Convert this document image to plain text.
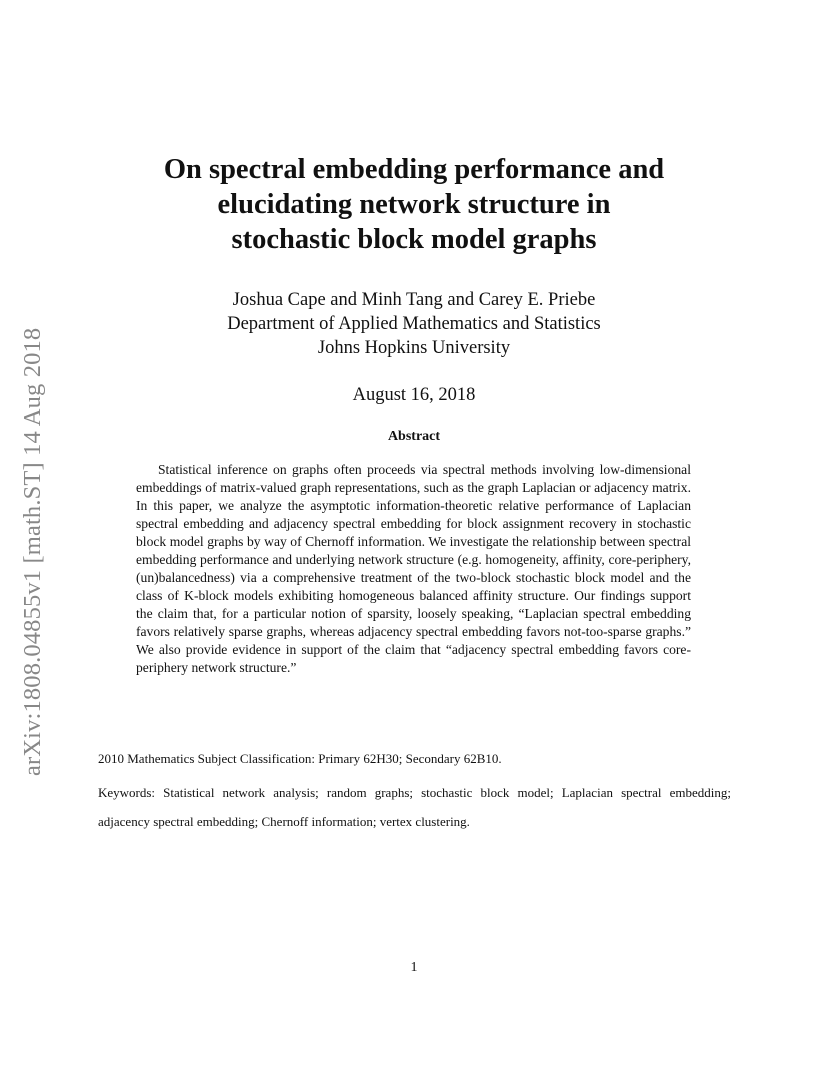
arXiv:1808.04855v1 [math.ST] 14 Aug 2018
On spectral embedding performance and
elucidating network structure in
stochastic block model graphs
Joshua Cape and Minh Tang and Carey E. Priebe
Department of Applied Mathematics and Statistics
Johns Hopkins University
August 16, 2018
Abstract

Statistical inference on graphs often proceeds via spectral methods involving low-dimensional embeddings of matrix-valued graph representations, such as the graph Laplacian or adjacency matrix. In this paper, we analyze the asymptotic information-theoretic relative performance of Laplacian spectral embedding and adjacency spectral embedding for block assignment recovery in stochastic block model graphs by way of Chernoff information. We investigate the relationship between spectral embedding performance and underlying network structure (e.g. homogeneity, affinity, core-periphery, (un)balancedness) via a comprehensive treatment of the two-block stochastic block model and the class of K-block models exhibiting homogeneous balanced affinity structure. Our findings support the claim that, for a particular notion of sparsity, loosely speaking, “Laplacian spectral embedding favors relatively sparse graphs, whereas adjacency spectral embedding favors not-too-sparse graphs.” We also provide evidence in support of the claim that “adjacency spectral embedding favors core-periphery network structure.”

2010 Mathematics Subject Classification: Primary 62H30; Secondary 62B10.

Keywords: Statistical network analysis; random graphs; stochastic block model; Laplacian spectral embedding; adjacency spectral embedding; Chernoff information; vertex clustering.

1
